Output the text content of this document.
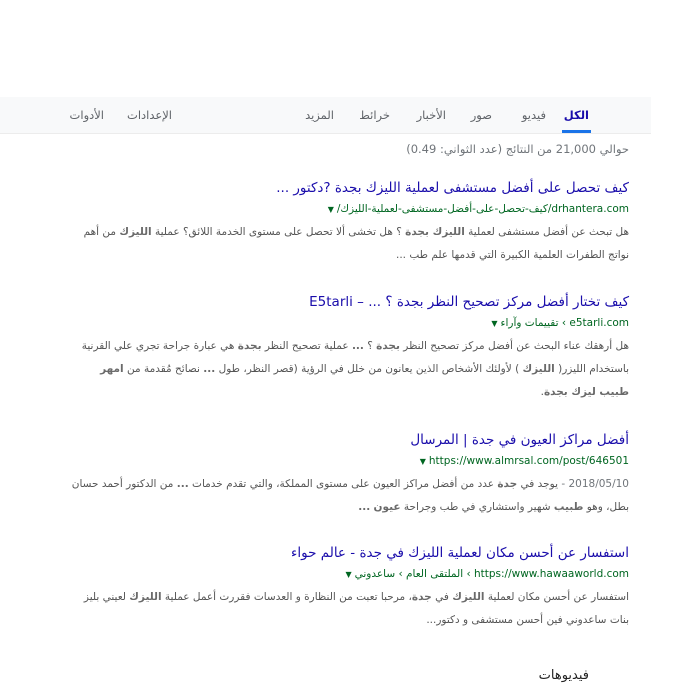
الكل
فيديو
صور
الأخبار
خرائط
المزيد
الإعدادات
الأدوات
حوالي 21,000 من النتائج (عدد الثواني: 0.49)
كيف تحصل على أفضل مستشفى لعملية الليزك بجدة ?دكتور ...
drhantera.com/كيف-تحصل-على-أفضل-مستشفى-لعملية-الليزك/▼
هل تبحث عن أفضل مستشفى لعملية الليزك بجدة ؟ هل تخشى ألا تحصل على مستوى الخدمة اللائق؟ عملية الليزك من أهم نواتج الطفرات العلمية الكبيرة التي قدمها علم طب ...
كيف تختار أفضل مركز تصحيح النظر بجدة ؟ ... – E5tarli
e5tarli.com › تقييمات وآراء▼
هل أرهقك عناء البحث عن أفضل مركز تصحيح النظر بجدة ؟ ... عملية تصحيح النظر بجدة هي عبارة جراحة تجري علي القرنية باستخدام الليزر( الليزك ) لأولئك الأشخاص الذين يعانون من خلل في الرؤية (قصر النظر، طول ... نصائح مُقدمة من امهر طبيب ليزك بجدة.
أفضل مراكز العيون في جدة | المرسال
https://www.almrsal.com/post/646501▼
2018/05/10 - يوجد في جدة عدد من أفضل مراكز العيون على مستوى المملكة، والتي تقدم خدمات ... من الدكتور أحمد حسان بطل، وهو طبيب شهير واستشاري في طب وجراحة عيون ...
استفسار عن أحسن مكان لعملية الليزك في جدة - عالم حواء
https://www.hawaaworld.com › الملتقى العام › ساعدوني▼
استفسار عن أحسن مكان لعملية الليزك في جدة، مرحبا تعبت من النظارة و العدسات فقررت أعمل عملية الليزك لعيني بليز بنات ساعدوني فين أحسن مستشفى و دكتور...
فيديوهات
